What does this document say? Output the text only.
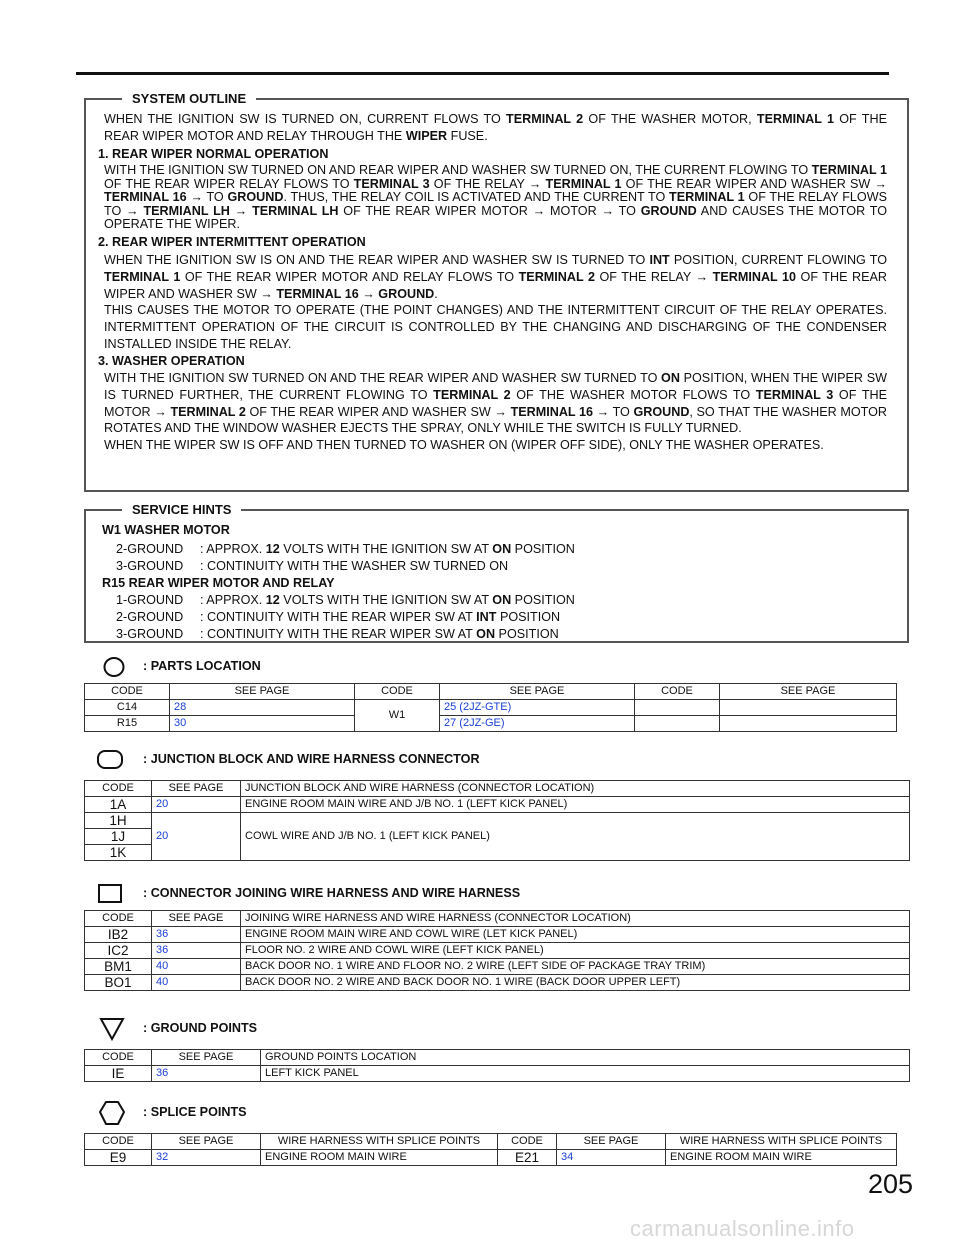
SYSTEM OUTLINE
WHEN THE IGNITION SW IS TURNED ON, CURRENT FLOWS TO TERMINAL 2 OF THE WASHER MOTOR, TERMINAL 1 OF THE REAR WIPER MOTOR AND RELAY THROUGH THE WIPER FUSE.
1. REAR WIPER NORMAL OPERATION
WITH THE IGNITION SW TURNED ON AND REAR WIPER AND WASHER SW TURNED ON, THE CURRENT FLOWING TO TERMINAL 1 OF THE REAR WIPER RELAY FLOWS TO TERMINAL 3 OF THE RELAY → TERMINAL 1 OF THE REAR WIPER AND WASHER SW → TERMINAL 16 → TO GROUND. THUS, THE RELAY COIL IS ACTIVATED AND THE CURRENT TO TERMINAL 1 OF THE RELAY FLOWS TO → TERMIANL LH → TERMINAL LH OF THE REAR WIPER MOTOR → MOTOR → TO GROUND AND CAUSES THE MOTOR TO OPERATE THE WIPER.
2. REAR WIPER INTERMITTENT OPERATION
WHEN THE IGNITION SW IS ON AND THE REAR WIPER AND WASHER SW IS TURNED TO INT POSITION, CURRENT FLOWING TO TERMINAL 1 OF THE REAR WIPER MOTOR AND RELAY FLOWS TO TERMINAL 2 OF THE RELAY → TERMINAL 10 OF THE REAR WIPER AND WASHER SW → TERMINAL 16 → GROUND.
THIS CAUSES THE MOTOR TO OPERATE (THE POINT CHANGES) AND THE INTERMITTENT CIRCUIT OF THE RELAY OPERATES. INTERMITTENT OPERATION OF THE CIRCUIT IS CONTROLLED BY THE CHANGING AND DISCHARGING OF THE CONDENSER INSTALLED INSIDE THE RELAY.
3. WASHER OPERATION
WITH THE IGNITION SW TURNED ON AND THE REAR WIPER AND WASHER SW TURNED TO ON POSITION, WHEN THE WIPER SW IS TURNED FURTHER, THE CURRENT FLOWING TO TERMINAL 2 OF THE WASHER MOTOR FLOWS TO TERMINAL 3 OF THE MOTOR → TERMINAL 2 OF THE REAR WIPER AND WASHER SW → TERMINAL 16 → TO GROUND, SO THAT THE WASHER MOTOR ROTATES AND THE WINDOW WASHER EJECTS THE SPRAY, ONLY WHILE THE SWITCH IS FULLY TURNED.
WHEN THE WIPER SW IS OFF AND THEN TURNED TO WASHER ON (WIPER OFF SIDE), ONLY THE WASHER OPERATES.
SERVICE HINTS
W1 WASHER MOTOR
2-GROUND : APPROX. 12 VOLTS WITH THE IGNITION SW AT ON POSITION
3-GROUND : CONTINUITY WITH THE WASHER SW TURNED ON
R15 REAR WIPER MOTOR AND RELAY
1-GROUND : APPROX. 12 VOLTS WITH THE IGNITION SW AT ON POSITION
2-GROUND : CONTINUITY WITH THE REAR WIPER SW AT INT POSITION
3-GROUND : CONTINUITY WITH THE REAR WIPER SW AT ON POSITION
: PARTS LOCATION
CODE	SEE PAGE	CODE	SEE PAGE	CODE	SEE PAGE
C14	28	W1	25 (2JZ-GTE)		
R15	30		27 (2JZ-GE)		
: JUNCTION BLOCK AND WIRE HARNESS CONNECTOR
CODE	SEE PAGE	JUNCTION BLOCK AND WIRE HARNESS (CONNECTOR LOCATION)
1A	20	ENGINE ROOM MAIN WIRE AND J/B NO. 1 (LEFT KICK PANEL)
1H	20	COWL WIRE AND J/B NO. 1 (LEFT KICK PANEL)
1J		
1K		
: CONNECTOR JOINING WIRE HARNESS AND WIRE HARNESS
CODE	SEE PAGE	JOINING WIRE HARNESS AND WIRE HARNESS (CONNECTOR LOCATION)
IB2	36	ENGINE ROOM MAIN WIRE AND COWL WIRE (LET KICK PANEL)
IC2	36	FLOOR NO. 2 WIRE AND COWL WIRE (LEFT KICK PANEL)
BM1	40	BACK DOOR NO. 1 WIRE AND FLOOR NO. 2 WIRE (LEFT SIDE OF PACKAGE TRAY TRIM)
BO1	40	BACK DOOR NO. 2 WIRE AND BACK DOOR NO. 1 WIRE (BACK DOOR UPPER LEFT)
: GROUND POINTS
CODE	SEE PAGE	GROUND POINTS LOCATION
IE	36	LEFT KICK PANEL
: SPLICE POINTS
CODE	SEE PAGE	WIRE HARNESS WITH SPLICE POINTS	CODE	SEE PAGE	WIRE HARNESS WITH SPLICE POINTS
E9	32	ENGINE ROOM MAIN WIRE	E21	34	ENGINE ROOM MAIN WIRE
205
carmanualsonline.info
